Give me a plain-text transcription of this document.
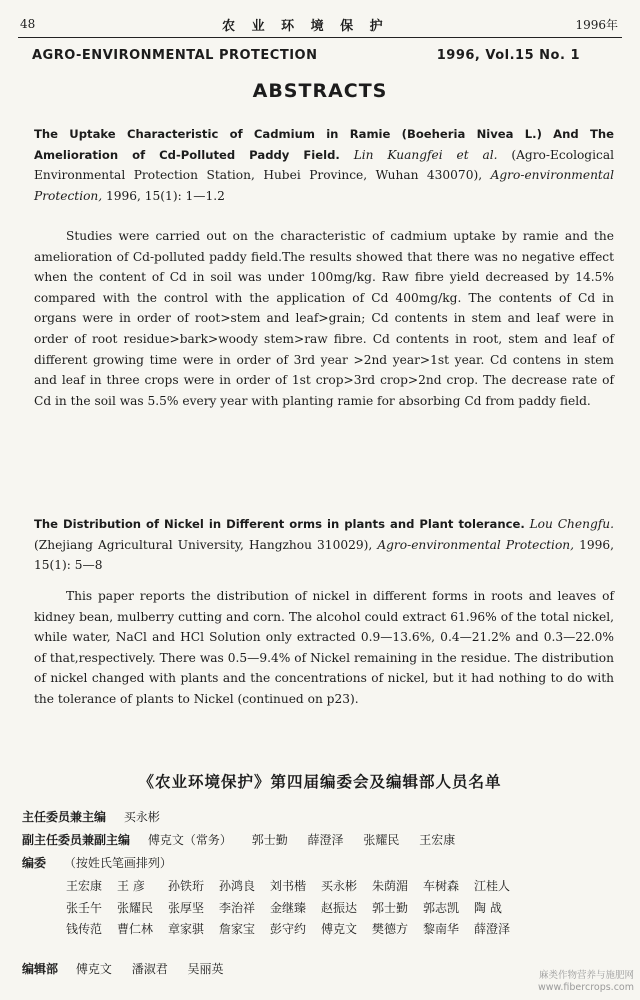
48	农 业 环 境 保 护	1996年
AGRO-ENVIRONMENTAL PROTECTION	1996, Vol.15 No. 1
ABSTRACTS
The Uptake Characteristic of Cadmium in Ramie (Boeheria Nivea L.) And The Amelioration of Cd-Polluted Paddy Field. Lin Kuangfei et al. (Agro-Ecological Environmental Protection Station, Hubei Province, Wuhan 430070), Agro-environmental Protection, 1996, 15(1): 1—1.2
Studies were carried out on the characteristic of cadmium uptake by ramie and the amelioration of Cd-polluted paddy field.The results showed that there was no negative effect when the content of Cd in soil was under 100mg/kg. Raw fibre yield decreased by 14.5% compared with the control with the application of Cd 400mg/kg. The contents of Cd in organs were in order of root>stem and leaf>grain; Cd contents in stem and leaf were in order of root residue>bark>woody stem>raw fibre. Cd contents in root, stem and leaf of different growing time were in order of 3rd year >2nd year>1st year. Cd contens in stem and leaf in three crops were in order of 1st crop>3rd crop>2nd crop. The decrease rate of Cd in the soil was 5.5% every year with planting ramie for absorbing Cd from paddy field.
The Distribution of Nickel in Different orms in plants and Plant tolerance. Lou Chengfu. (Zhejiang Agricultural University, Hangzhou 310029), Agro-environmental Protection, 1996, 15(1): 5—8
This paper reports the distribution of nickel in different forms in roots and leaves of kidney bean, mulberry cutting and corn. The alcohol could extract 61.96% of the total nickel, while water, NaCl and HCl Solution only extracted 0.9—13.6%, 0.4—21.2% and 0.3—22.0% of that,respectively. There was 0.5—9.4% of Nickel remaining in the residue. The distribution of nickel changed with plants and the concentrations of nickel, but it had nothing to do with the tolerance of plants to Nickel (continued on p23).
《农业环境保护》第四届编委会及编辑部人员名单
主任委员兼主编 买永彬
副主任委员兼副主编 傅克文（常务） 郭士勤 薛澄泽 张耀民 王宏康
编委 （按姓氏笔画排列）
王宏康 王 彦 孙铁珩 孙鸿良 刘书楷 买永彬 朱荫湄 车树森 江桂人
张壬午 张耀民 张厚坚 李治祥 金继臻 赵振达 郭士勤 郭志凯 陶 战
钱传范 曹仁林 章家骐 詹家宝 彭守约 傅克文 樊德方 黎南华 薛澄泽
编辑部 傅克文 潘淑君 吴丽英	麻类作物营养与施肥网
www.fibercrops.com
